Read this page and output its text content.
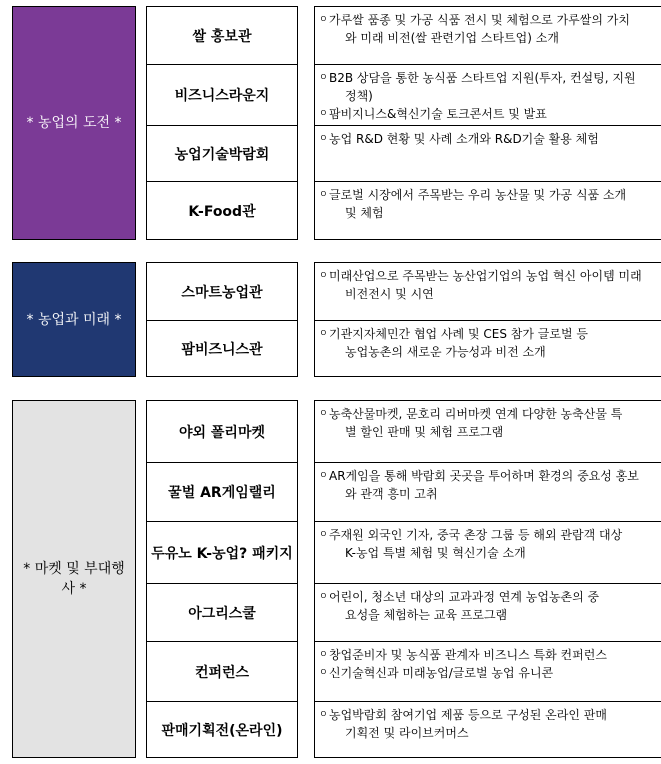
* 농업의 도전 *
쌀 홍보관
ㅇ 가루쌀 품종 및 가공 식품 전시 및 체험으로 가루쌀의 가치
와 미래 비전(쌀 관련기업 스타트업) 소개
비즈니스라운지
ㅇ B2B 상담을 통한 농식품 스타트업 지원(투자, 컨설팅, 지원
정책)
ㅇ 팜비지니스&혁신기술 토크콘서트 및 발표
농업기술박람회
ㅇ 농업 R&D 현황 및 사례 소개와 R&D기술 활용 체험
K-Food관
ㅇ 글로벌 시장에서 주목받는 우리 농산물 및 가공 식품 소개
및 체험
* 농업과 미래 *
스마트농업관
ㅇ 미래산업으로 주목받는 농산업기업의 농업 혁신 아이템 미래
비전전시 및 시연
팜비즈니스관
ㅇ 기관지자체민간 협업 사례 및 CES 참가 글로벌 등
농업농촌의 새로운 가능성과 비전 소개
* 마켓 및 부대행
사 *
야외 폴리마켓
ㅇ 농축산물마켓, 문호리 리버마켓 연계 다양한 농축산물 특
별 할인 판매 및 체험 프로그램
꿀벌 AR게임랠리
ㅇ AR게임을 통해 박람회 곳곳을 투어하며 환경의 중요성 홍보
와 관객 흥미 고취
두유노 K-농업? 패키지
ㅇ 주재원 외국인 기자, 중국 촌장 그룹 등 해외 관람객 대상
K-농업 특별 체험 및 혁신기술 소개
아그리스쿨
ㅇ 어린이, 청소년 대상의 교과과정 연계 농업농촌의 중
요성을 체험하는 교육 프로그램
컨퍼런스
ㅇ 창업준비자 및 농식품 관계자 비즈니스 특화 컨퍼런스
ㅇ 신기술혁신과 미래농업/글로벌 농업 유니콘
판매기획전(온라인)
ㅇ 농업박람회 참여기업 제품 등으로 구성된 온라인 판매
기획전 및 라이브커머스
